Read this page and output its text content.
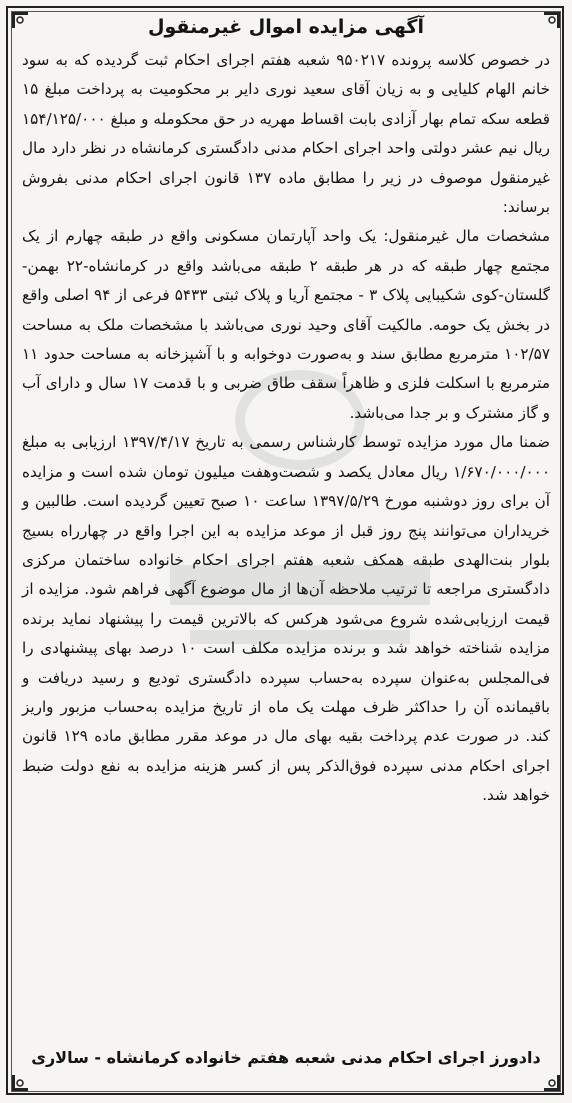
آگهی مزایده اموال غیرمنقول

در خصوص کلاسه پرونده ۹۵۰۲۱۷ شعبه هفتم اجرای احکام ثبت گردیده که به سود خانم الهام کلیایی و به زیان آقای سعید نوری دایر بر محکومیت به پرداخت مبلغ ۱۵ قطعه سکه تمام بهار آزادی بابت اقساط مهریه در حق محکومله و مبلغ ۱۵۴/۱۲۵/۰۰۰ ریال نیم عشر دولتی واحد اجرای احکام مدنی دادگستری کرمانشاه در نظر دارد مال غیرمنقول موصوف در زیر را مطابق ماده ۱۳۷ قانون اجرای احکام مدنی بفروش برساند:

مشخصات مال غیرمنقول: یک واحد آپارتمان مسکونی واقع در طبقه چهارم از یک مجتمع چهار طبقه که در هر طبقه ۲ طبقه می‌باشد واقع در کرمانشاه-۲۲ بهمن-گلستان-کوی شکیبایی پلاک ۳ - مجتمع آریا و پلاک ثبتی ۵۴۳۳ فرعی از ۹۴ اصلی واقع در بخش یک حومه. مالکیت آقای وحید نوری می‌باشد با مشخصات ملک به مساحت ۱۰۲/۵۷ مترمربع مطابق سند و به‌صورت دوخوابه و با آشپزخانه به مساحت حدود ۱۱ مترمربع با اسکلت فلزی و ظاهراً سقف طاق ضربی و با قدمت ۱۷ سال و دارای آب و گاز مشترک و بر جدا می‌باشد.

ضمنا مال مورد مزایده توسط کارشناس رسمی به تاریخ ۱۳۹۷/۴/۱۷ ارزیابی به مبلغ ۱/۶۷۰/۰۰۰/۰۰۰ ریال معادل یکصد و شصت‌وهفت میلیون تومان شده است و مزایده آن برای روز دوشنبه مورخ ۱۳۹۷/۵/۲۹ ساعت ۱۰ صبح تعیین گردیده است. طالبین و خریداران می‌توانند پنج روز قبل از موعد مزایده به این اجرا واقع در چهارراه بسیج بلوار بنت‌الهدی طبقه همکف شعبه هفتم اجرای احکام خانواده ساختمان مرکزی دادگستری مراجعه تا ترتیب ملاحظه آن‌ها از مال موضوع آگهی فراهم شود. مزایده از قیمت ارزیابی‌شده شروع می‌شود هرکس که بالاترین قیمت را پیشنهاد نماید برنده مزایده شناخته خواهد شد و برنده مزایده مکلف است ۱۰ درصد بهای پیشنهادی را فی‌المجلس به‌عنوان سپرده به‌حساب سپرده دادگستری تودیع و رسید دریافت و باقیمانده آن را حداکثر ظرف مهلت یک ماه از تاریخ مزایده به‌حساب مزبور واریز کند. در صورت عدم پرداخت بقیه بهای مال در موعد مقرر مطابق ماده ۱۲۹ قانون اجرای احکام مدنی سپرده فوق‌الذکر پس از کسر هزینه مزایده به نفع دولت ضبط خواهد شد.

دادورز اجرای احکام مدنی شعبه هفتم خانواده کرمانشاه - سالاری
